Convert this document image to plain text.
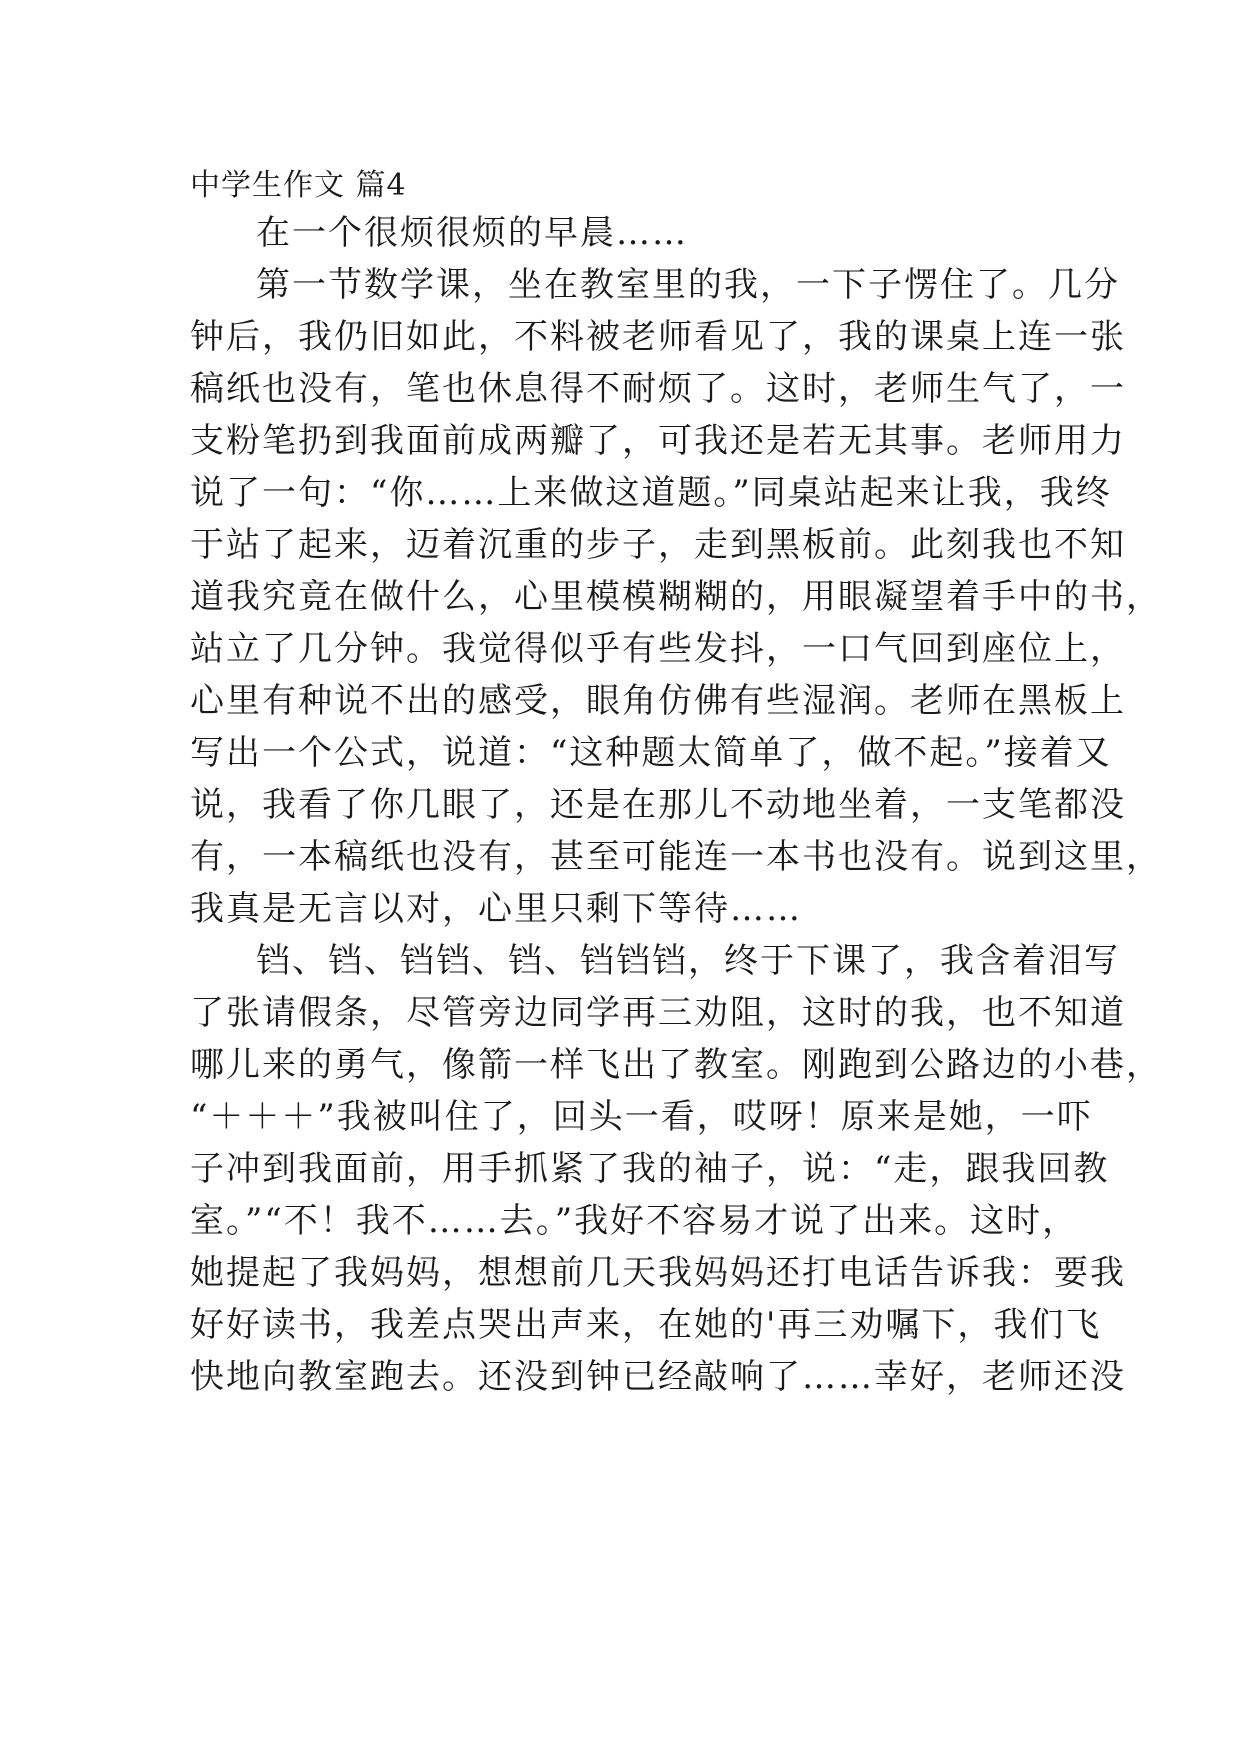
中学生作文 篇4
在一个很烦很烦的早晨……
第一节数学课，坐在教室里的我，一下子愣住了。几分
钟后，我仍旧如此，不料被老师看见了，我的课桌上连一张
稿纸也没有，笔也休息得不耐烦了。这时，老师生气了，一
支粉笔扔到我面前成两瓣了，可我还是若无其事。老师用力
说了一句：“你……上来做这道题。”同桌站起来让我，我终
于站了起来，迈着沉重的步子，走到黑板前。此刻我也不知
道我究竟在做什么，心里模模糊糊的，用眼凝望着手中的书，
站立了几分钟。我觉得似乎有些发抖，一口气回到座位上，
心里有种说不出的感受，眼角仿佛有些湿润。老师在黑板上
写出一个公式，说道：“这种题太简单了，做不起。”接着又
说，我看了你几眼了，还是在那儿不动地坐着，一支笔都没
有，一本稿纸也没有，甚至可能连一本书也没有。说到这里，
我真是无言以对，心里只剩下等待……
铛、铛、铛铛、铛、铛铛铛，终于下课了，我含着泪写
了张请假条，尽管旁边同学再三劝阻，这时的我，也不知道
哪儿来的勇气，像箭一样飞出了教室。刚跑到公路边的小巷，
“＋＋＋”我被叫住了，回头一看，哎呀！原来是她，一吓
子冲到我面前，用手抓紧了我的袖子，说：“走，跟我回教
室。”“不！我不……去。”我好不容易才说了出来。这时，
她提起了我妈妈，想想前几天我妈妈还打电话告诉我：要我
好好读书，我差点哭出声来，在她的'再三劝嘱下，我们飞
快地向教室跑去。还没到钟已经敲响了……幸好，老师还没
